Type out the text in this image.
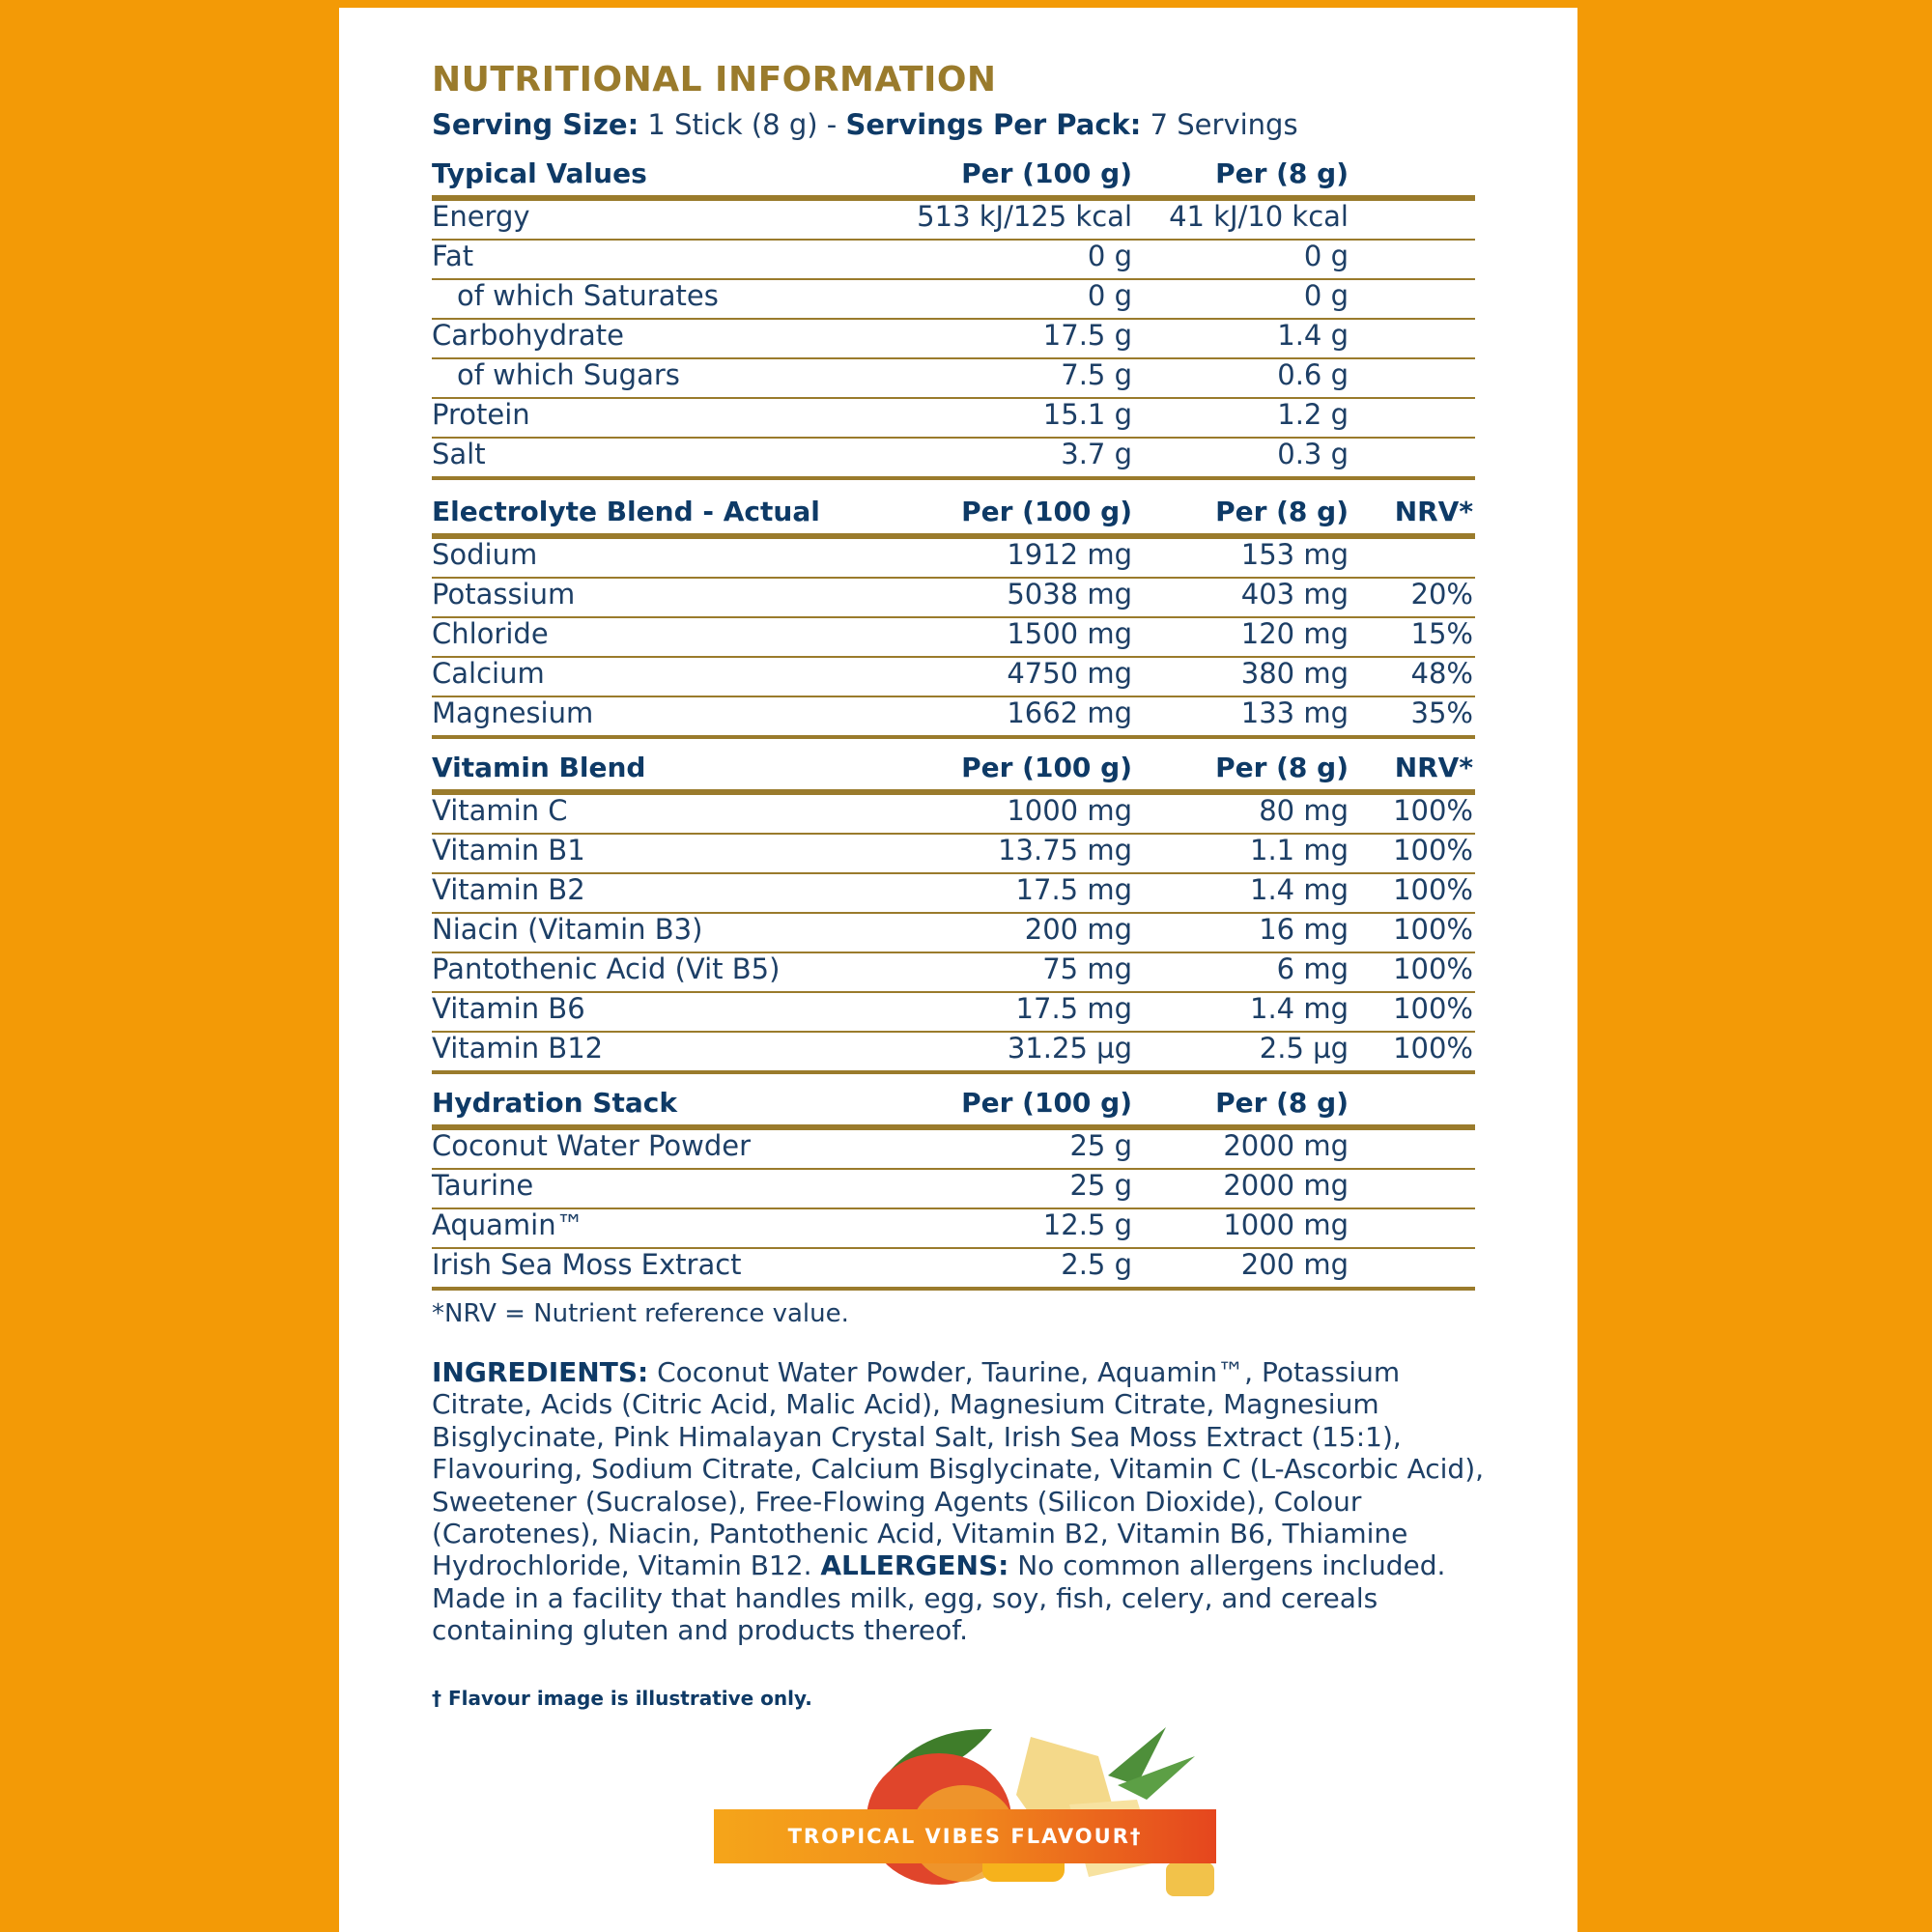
NUTRITIONAL INFORMATION
Serving Size: 1 Stick (8 g) - Servings Per Pack: 7 Servings
Typical Values	Per (100 g)	Per (8 g)
Energy	513 kJ/125 kcal 41 kJ/10 kcal
Fat	0 g	0 g
of which Saturates	0 g	0 g
Carbohydrate	17.5 g	1.4 g
of which Sugars	7.5 g	0.6 g
Protein	15.1 g	1.2 g
Salt	3.7 g	0.3 g
Electrolyte Blend - Actual	Per (100 g)	Per (8 g) NRV*
Sodium	1912 mg	153 mg
Potassium	5038 mg	403 mg 20%
Chloride	1500 mg	120 mg 15%
Calcium	4750 mg	380 mg 48%
Magnesium	1662 mg	133 mg 35%
Vitamin Blend	Per (100 g)	Per (8 g) NRV*
Vitamin C	1000 mg	80 mg 100%
Vitamin B1	13.75 mg	1.1 mg 100%
Vitamin B2	17.5 mg	1.4 mg 100%
Niacin (Vitamin B3)	200 mg	16 mg 100%
Pantothenic Acid (Vit B5)	75 mg	6 mg 100%
Vitamin B6	17.5 mg	1.4 mg 100%
Vitamin B12	31.25 µg	2.5 µg 100%
Hydration Stack	Per (100 g)	Per (8 g)
Coconut Water Powder	25 g	2000 mg
Taurine	25 g	2000 mg
Aquamin™	12.5 g	1000 mg
Irish Sea Moss Extract	2.5 g	200 mg
*NRV = Nutrient reference value.
INGREDIENTS: Coconut Water Powder, Taurine, Aquamin™, Potassium Citrate, Acids (Citric Acid, Malic Acid), Magnesium Citrate, Magnesium Bisglycinate, Pink Himalayan Crystal Salt, Irish Sea Moss Extract (15:1), Flavouring, Sodium Citrate, Calcium Bisglycinate, Vitamin C (L-Ascorbic Acid), Sweetener (Sucralose), Free-Flowing Agents (Silicon Dioxide), Colour (Carotenes), Niacin, Pantothenic Acid, Vitamin B2, Vitamin B6, Thiamine Hydrochloride, Vitamin B12. ALLERGENS: No common allergens included. Made in a facility that handles milk, egg, soy, fish, celery, and cereals containing gluten and products thereof.
† Flavour image is illustrative only.
TROPICAL VIBES FLAVOUR†
